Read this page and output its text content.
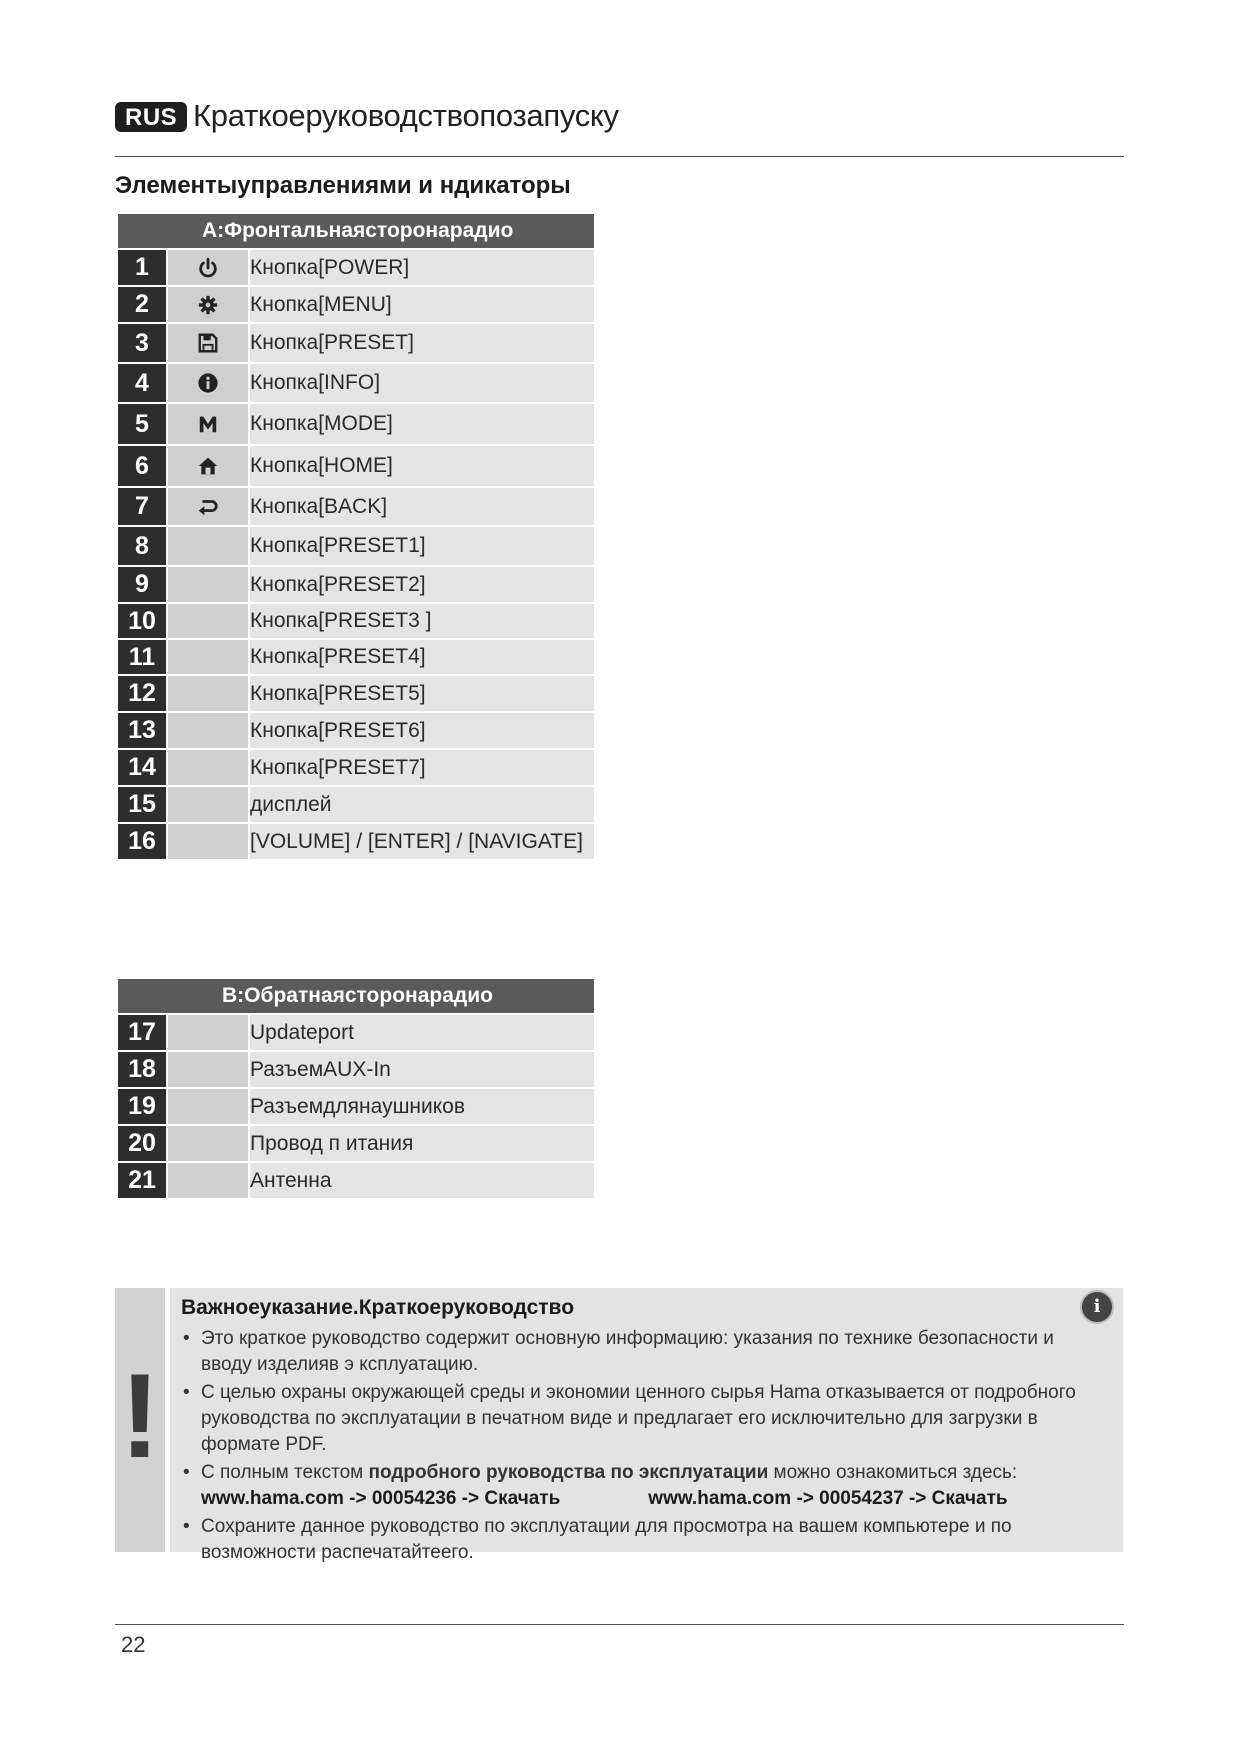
RUS Краткоеруководствопозапуску
Элементыуправлениями и ндикаторы
A:Фронтальнаясторонарадио		
1		Кнопка[POWER]
2		Кнопка[MENU]
3		Кнопка[PRESET]
4		Кнопка[INFO]
5		Кнопка[MODE]
6		Кнопка[HOME]
7		Кнопка[BACK]
8		Кнопка[PRESET1]
9		Кнопка[PRESET2]
10		Кнопка[PRESET3 ]
11		Кнопка[PRESET4]
12		Кнопка[PRESET5]
13		Кнопка[PRESET6]
14		Кнопка[PRESET7]
15		дисплей
16		[VOLUME] / [ENTER] / [NAVIGATE]
B:Обратнаясторонарадио		
17		Updateport
18		РазъемAUX-In
19		Разъемдлянаушников
20		Провод п итания
21		Антенна
!
i
Важноеуказание.Краткоеруководство
• Это краткое руководство содержит основную информацию: указания по технике безопасности и вводу изделияв э ксплуатацию.
• С целью охраны окружающей среды и экономии ценного сырья Hama отказывается от подробного руководства по эксплуатации в печатном виде и предлагает его исключительно для загрузки в формате PDF.
• С полным текстом подробного руководства по эксплуатации можно ознакомиться здесь:
www.hama.com -> 00054236 -> Скачать	www.hama.com -> 00054237 -> Скачать
• Сохраните данное руководство по эксплуатации для просмотра на вашем компьютере и по возможности распечатайтеего.
22
